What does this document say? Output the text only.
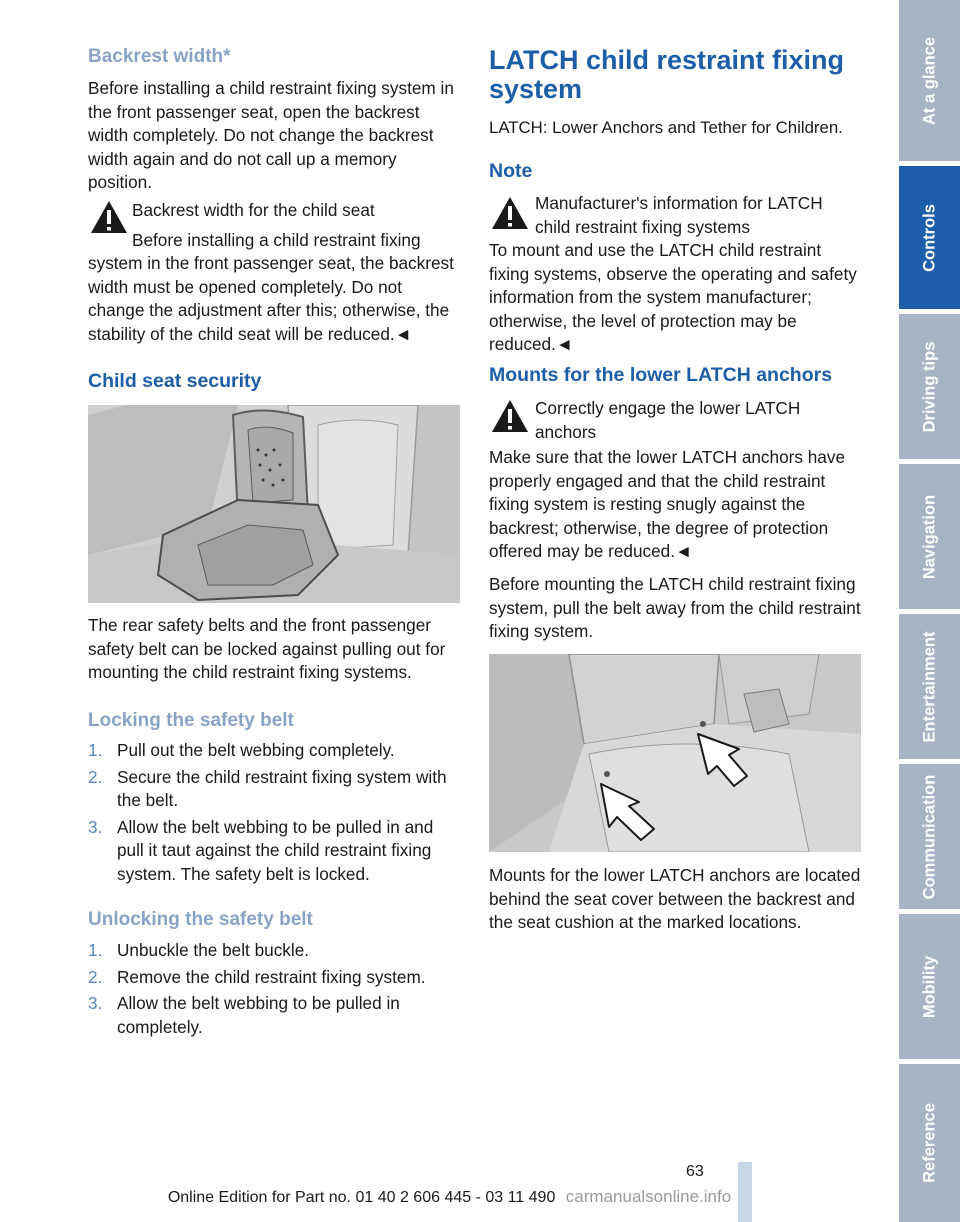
Backrest width*

Before installing a child restraint fixing system in the front passenger seat, open the backrest width completely. Do not change the backrest width again and do not call up a memory position.

Backrest width for the child seat

Before installing a child restraint fixing

system in the front passenger seat, the backrest width must be opened completely. Do not change the adjustment after this; otherwise, the stability of the child seat will be reduced.◄

Child seat security

The rear safety belts and the front passenger safety belt can be locked against pulling out for mounting the child restraint fixing systems.

Locking the safety belt
1. Pull out the belt webbing completely.
2. Secure the child restraint fixing system with the belt.
3. Allow the belt webbing to be pulled in and pull it taut against the child restraint fixing system. The safety belt is locked.
Unlocking the safety belt
1. Unbuckle the belt buckle.
2. Remove the child restraint fixing system.
3. Allow the belt webbing to be pulled in completely.
LATCH child restraint fixing system

LATCH: Lower Anchors and Tether for Children.

Note

Manufacturer's information for LATCH child restraint fixing systems

To mount and use the LATCH child restraint fixing systems, observe the operating and safety information from the system manufacturer; otherwise, the level of protection may be reduced.◄

Mounts for the lower LATCH anchors

Correctly engage the lower LATCH anchors

Make sure that the lower LATCH anchors have properly engaged and that the child restraint fixing system is resting snugly against the backrest; otherwise, the degree of protection offered may be reduced.◄

Before mounting the LATCH child restraint fixing system, pull the belt away from the child restraint fixing system.

Mounts for the lower LATCH anchors are located behind the seat cover between the backrest and the seat cushion at the marked locations.

At a glance
Controls
Driving tips
Navigation
Entertainment
Communication
Mobility
Reference
63
Online Edition for Part no. 01 40 2 606 445 - 03 11 490 carmanualsonline.info
